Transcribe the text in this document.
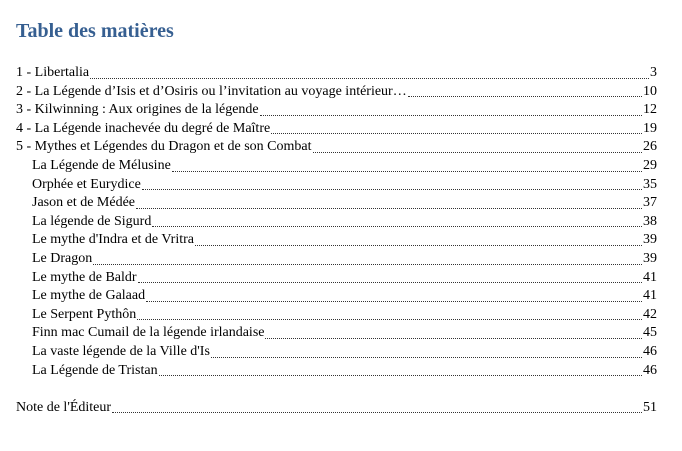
Table des matières
1 - Libertalia	3
2 - La Légende d’Isis et d’Osiris ou l’invitation au voyage intérieur…	10
3 - Kilwinning : Aux origines de la légende	12
4 - La Légende inachevée du degré de Maître	19
5 - Mythes et Légendes du Dragon et de son Combat	26
La Légende de Mélusine	29
Orphée et Eurydice	35
Jason et de Médée	37
La légende de Sigurd	38
Le mythe d'Indra et de Vritra	39
Le Dragon	39
Le mythe de Baldr	41
Le mythe de Galaad	41
Le Serpent Pythôn	42
Finn mac Cumail de la légende irlandaise	45
La vaste légende de la Ville d'Is	46
La Légende de Tristan	46
Note de l'Éditeur	51
